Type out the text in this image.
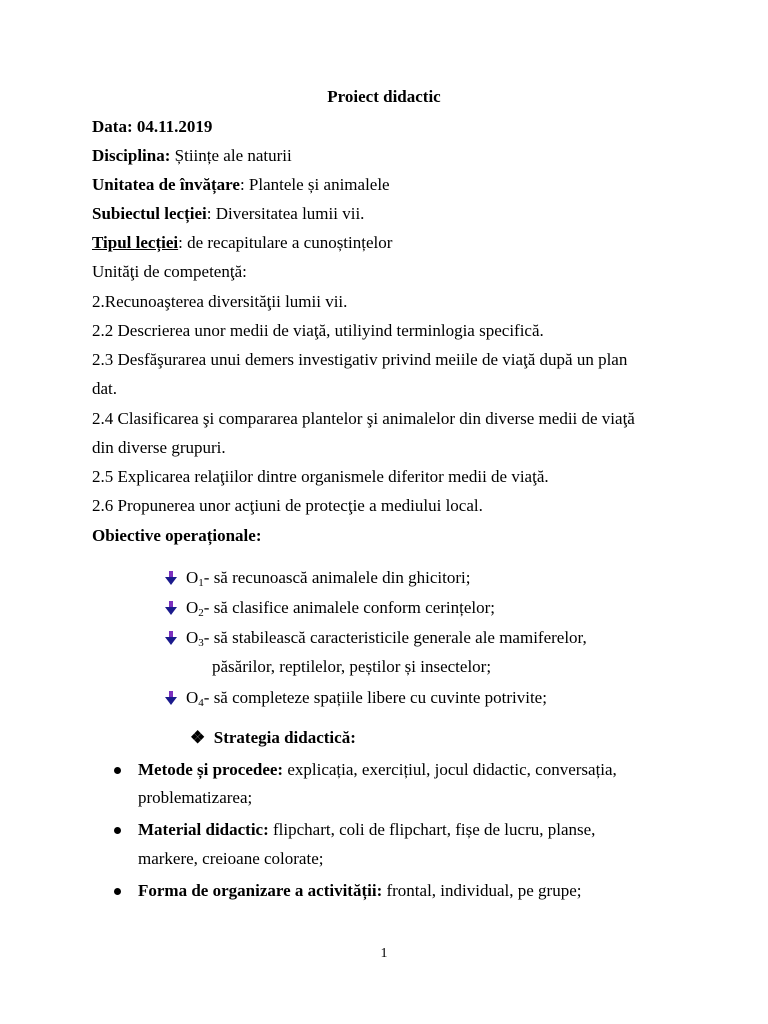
Proiect didactic
Data: 04.11.2019
Disciplina: Științe ale naturii
Unitatea de învățare: Plantele și animalele
Subiectul lecției: Diversitatea lumii vii.
Tipul lecției: de recapitulare a cunoștințelor
Unităţi de competenţă:
2.Recunoaşterea diversităţii lumii vii.
2.2 Descrierea unor medii de viaţă, utiliyind terminlogia specifică.
2.3 Desfăşurarea unui demers investigativ privind meiile de viaţă după un plan
dat.
2.4 Clasificarea şi compararea plantelor şi animalelor din diverse medii de viaţă
din diverse grupuri.
2.5 Explicarea relaţiilor dintre organismele diferitor medii de viaţă.
2.6 Propunerea unor acţiuni de protecţie a mediului local.
Obiective operaționale:
$O_1-$ să recunoască animalele din ghicitori;
$O_2-$ să clasifice animalele conform cerințelor;
$O_3-$ să stabilească caracteristicile generale ale mamiferelor,
păsărilor, reptilelor, peștilor și insectelor;
$O_4-$ să completeze spațiile libere cu cuvinte potrivite;
❖ Strategia didactică:
Metode și procedee: explicația, exercițiul, jocul didactic, conversația,
problematizarea;
Material didactic: flipchart, coli de flipchart, fișe de lucru, planse,
markere, creioane colorate;
Forma de organizare a activității: frontal, individual, pe grupe;
1
